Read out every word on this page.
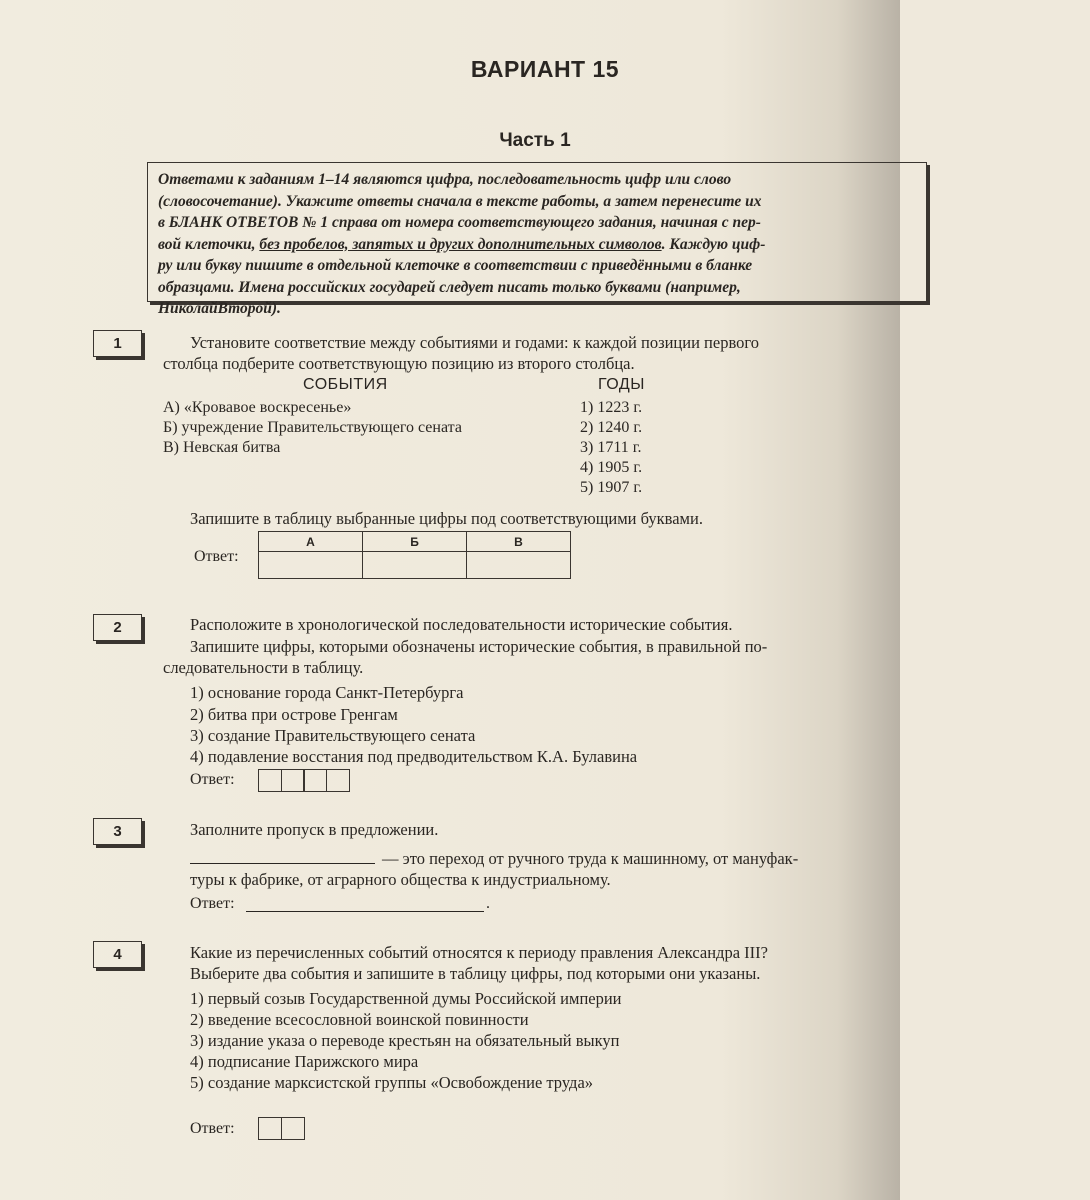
ВАРИАНТ 15
Часть 1
Ответами к заданиям 1–14 являются цифра, последовательность цифр или слово
(словосочетание). Укажите ответы сначала в тексте работы, а затем перенесите их
в БЛАНК ОТВЕТОВ № 1 справа от номера соответствующего задания, начиная с пер-
вой клеточки, без пробелов, запятых и других дополнительных символов. Каждую циф-
ру или букву пишите в отдельной клеточке в соответствии с приведёнными в бланке
образцами. Имена российских государей следует писать только буквами (например,
НиколайВторой).
1	Установите соответствие между событиями и годами: к каждой позиции первого
столбца подберите соответствующую позицию из второго столбца.
СОБЫТИЯ	ГОДЫ
А) «Кровавое воскресенье»
Б) учреждение Правительствующего сената
В) Невская битва
1) 1223 г.
2) 1240 г.
3) 1711 г.
4) 1905 г.
5) 1907 г.
Запишите в таблицу выбранные цифры под соответствующими буквами.
Ответ:
А	Б	В

2	Расположите в хронологической последовательности исторические события.
Запишите цифры, которыми обозначены исторические события, в правильной по-
следовательности в таблицу.
1) основание города Санкт-Петербурга
2) битва при острове Гренгам
3) создание Правительствующего сената
4) подавление восстания под предводительством К.А. Булавина
Ответ:
3	Заполните пропуск в предложении.
— это переход от ручного труда к машинному, от мануфак-
туры к фабрике, от аграрного общества к индустриальному.
Ответ:	.
4	Какие из перечисленных событий относятся к периоду правления Александра III?
Выберите два события и запишите в таблицу цифры, под которыми они указаны.
1) первый созыв Государственной думы Российской империи
2) введение всесословной воинской повинности
3) издание указа о переводе крестьян на обязательный выкуп
4) подписание Парижского мира
5) создание марксистской группы «Освобождение труда»
Ответ:
